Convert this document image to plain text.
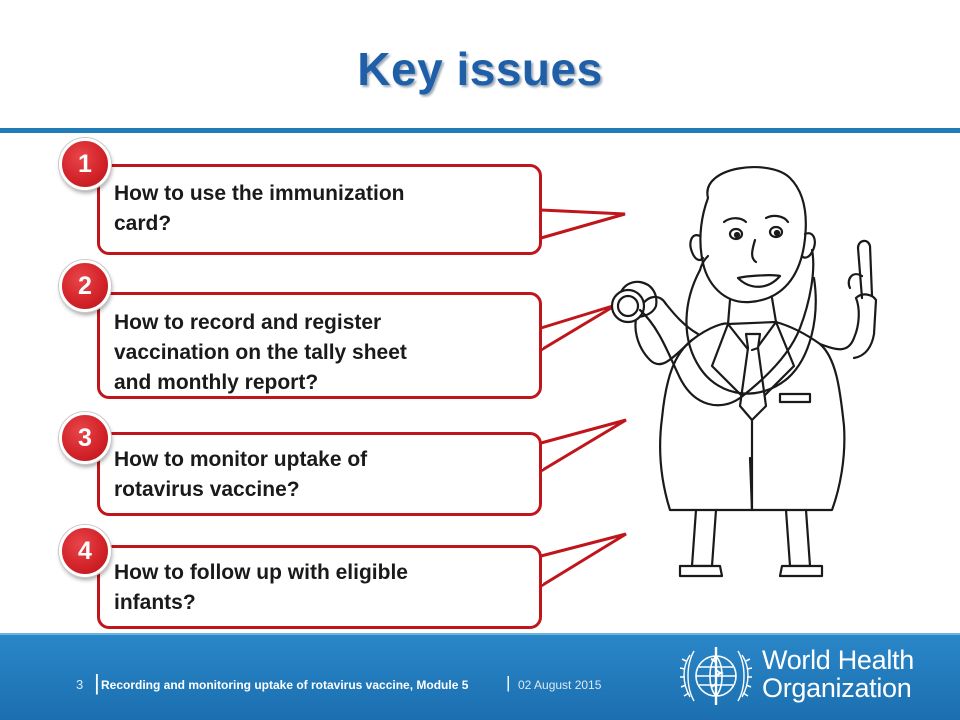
Key issues
How to use the immunization
card?
1
How to record and register
vaccination on the tally sheet
and monthly report?
2
How to monitor uptake of
rotavirus vaccine?
3
How to follow up with eligible
infants?
4
3 | Recording and monitoring uptake of rotavirus vaccine, Module 5 | 02 August 2015
World Health
Organization
